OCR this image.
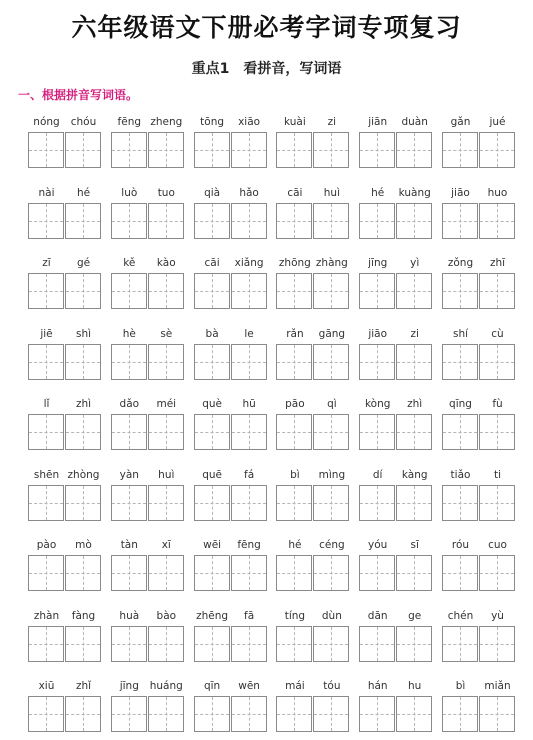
六年级语文下册必考字词专项复习
重点1 看拼音，写词语
一、根据拼音写词语。
nóng	chóu	fēng zheng	tōng	xiāo	kuài	zi	jiān	duàn	gǎn	jué
nài	hé	luò	tuo	qià	hǎo	cāi	huì	hé	kuàng	jiāo	huo
zī	gé	kě	kào	cāi	xiǎng	zhōng zhàng	jīng	yì	zǒng	zhī
jiē	shì	hè	sè	bà	le	rǎn	gāng	jiāo	zi	shí	cù
lǐ	zhì	dǎo	méi	què	hū	pāo	qì	kòng	zhì	qīng	fù
shēn zhòng	yàn	huì	quē	fá	bì	mìng	dí	kàng	tiǎo	ti
pào	mò	tàn	xī	wēi	fēng	hé	céng	yóu	sī	róu	cuo
zhàn	fàng	huà	bào	zhēng	fā	tíng	dùn	dān	ge	chén	yù
xiū	zhǐ	jīng	huáng	qīn	wēn	mái	tóu	hán	hu	bì	miǎn
